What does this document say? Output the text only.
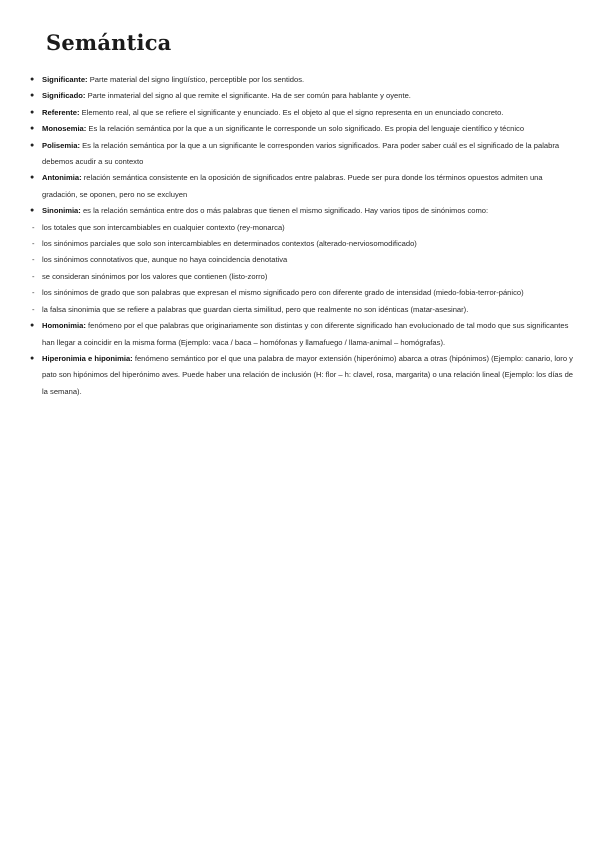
Semántica
●	Significante: Parte material del signo lingüístico, perceptible por los sentidos.
●	Significado: Parte inmaterial del signo al que remite el significante. Ha de ser común para hablante y oyente.
●	Referente: Elemento real, al que se refiere el significante y enunciado. Es el objeto al que el signo representa en un enunciado concreto.
●	Monosemia: Es la relación semántica por la que a un significante le corresponde un solo significado. Es propia del lenguaje científico y técnico
●	Polisemia: Es la relación semántica por la que a un significante le corresponden varios significados. Para poder saber cuál es el significado de la palabra debemos acudir a su contexto
●	Antonimia: relación semántica consistente en la oposición de significados entre palabras. Puede ser pura donde los términos opuestos admiten una gradación, se oponen, pero no se excluyen
●	Sinonimia: es la relación semántica entre dos o más palabras que tienen el mismo significado. Hay varios tipos de sinónimos como:
- los totales que son intercambiables en cualquier contexto (rey-monarca)
- los sinónimos parciales que solo son intercambiables en determinados contextos (alterado-nerviosomodificado)
- los sinónimos connotativos que, aunque no haya coincidencia denotativa
- se consideran sinónimos por los valores que contienen (listo-zorro)
- los sinónimos de grado que son palabras que expresan el mismo significado pero con diferente grado de intensidad (miedo-fobia-terror-pánico)
- la falsa sinonimia que se refiere a palabras que guardan cierta similitud, pero que realmente no son idénticas (matar-asesinar).
●	Homonimia: fenómeno por el que palabras que originariamente son distintas y con diferente significado han evolucionado de tal modo que sus significantes han llegar a coincidir en la misma forma (Ejemplo: vaca / baca – homófonas y llamafuego / llama-animal – homógrafas).
●	Hiperonimia e hiponimia: fenómeno semántico por el que una palabra de mayor extensión (hiperónimo) abarca a otras (hipónimos) (Ejemplo: canario, loro y pato son hipónimos del hiperónimo aves. Puede haber una relación de inclusión (H: flor – h: clavel, rosa, margarita) o una relación lineal (Ejemplo: los días de la semana).
